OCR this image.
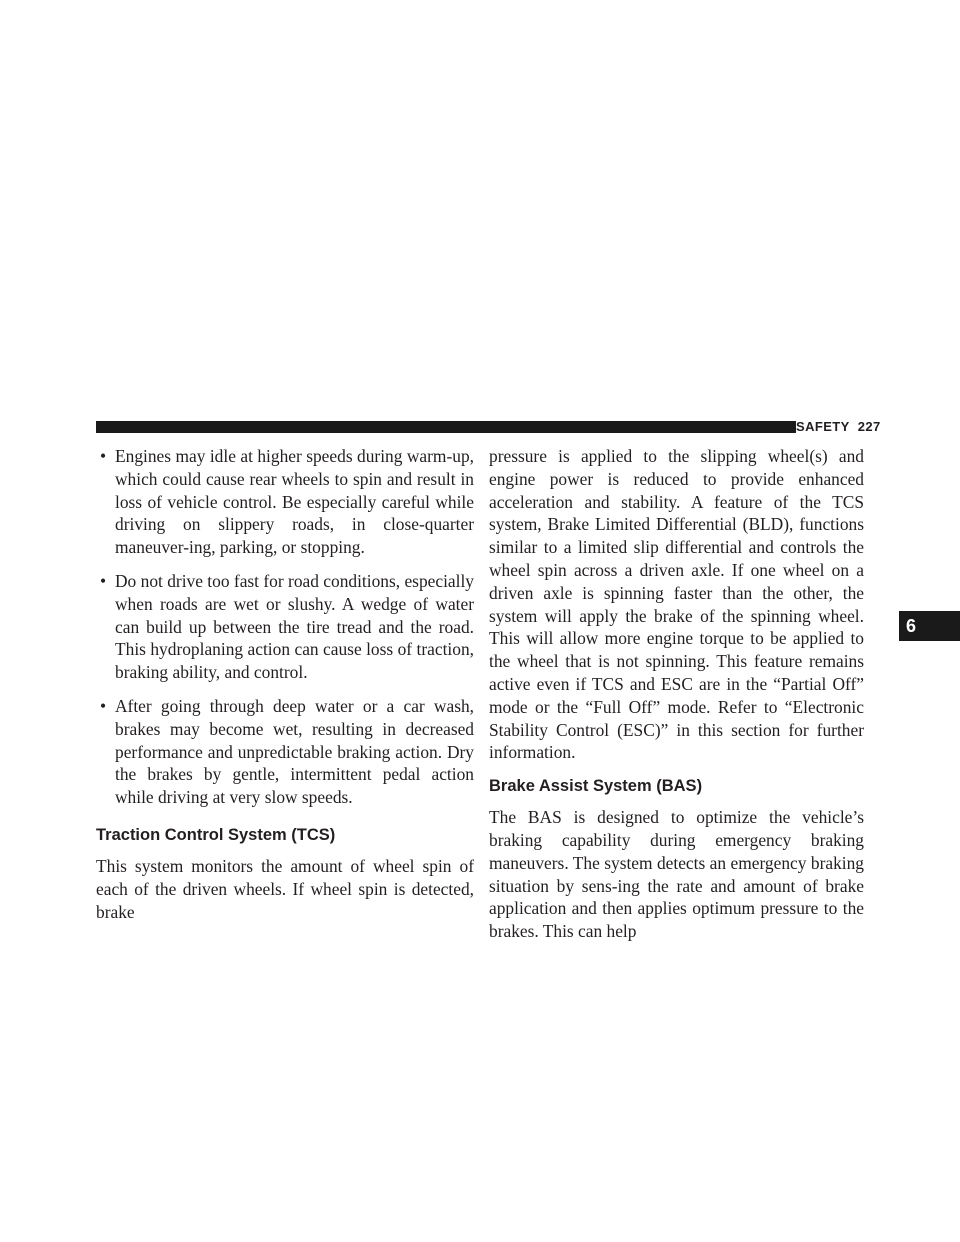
SAFETY 227
6
• Engines may idle at higher speeds during warm-up, which could cause rear wheels to spin and result in loss of vehicle control. Be especially careful while driving on slippery roads, in close-quarter maneuver-ing, parking, or stopping.
• Do not drive too fast for road conditions, especially when roads are wet or slushy. A wedge of water can build up between the tire tread and the road. This hydroplaning action can cause loss of traction, braking ability, and control.
• After going through deep water or a car wash, brakes may become wet, resulting in decreased performance and unpredictable braking action. Dry the brakes by gentle, intermittent pedal action while driving at very slow speeds.
Traction Control System (TCS)

This system monitors the amount of wheel spin of each of the driven wheels. If wheel spin is detected, brake

pressure is applied to the slipping wheel(s) and engine power is reduced to provide enhanced acceleration and stability. A feature of the TCS system, Brake Limited Differential (BLD), functions similar to a limited slip differential and controls the wheel spin across a driven axle. If one wheel on a driven axle is spinning faster than the other, the system will apply the brake of the spinning wheel. This will allow more engine torque to be applied to the wheel that is not spinning. This feature remains active even if TCS and ESC are in the “Partial Off” mode or the “Full Off” mode. Refer to “Electronic Stability Control (ESC)” in this section for further information.

Brake Assist System (BAS)

The BAS is designed to optimize the vehicle’s braking capability during emergency braking maneuvers. The system detects an emergency braking situation by sens-ing the rate and amount of brake application and then applies optimum pressure to the brakes. This can help
